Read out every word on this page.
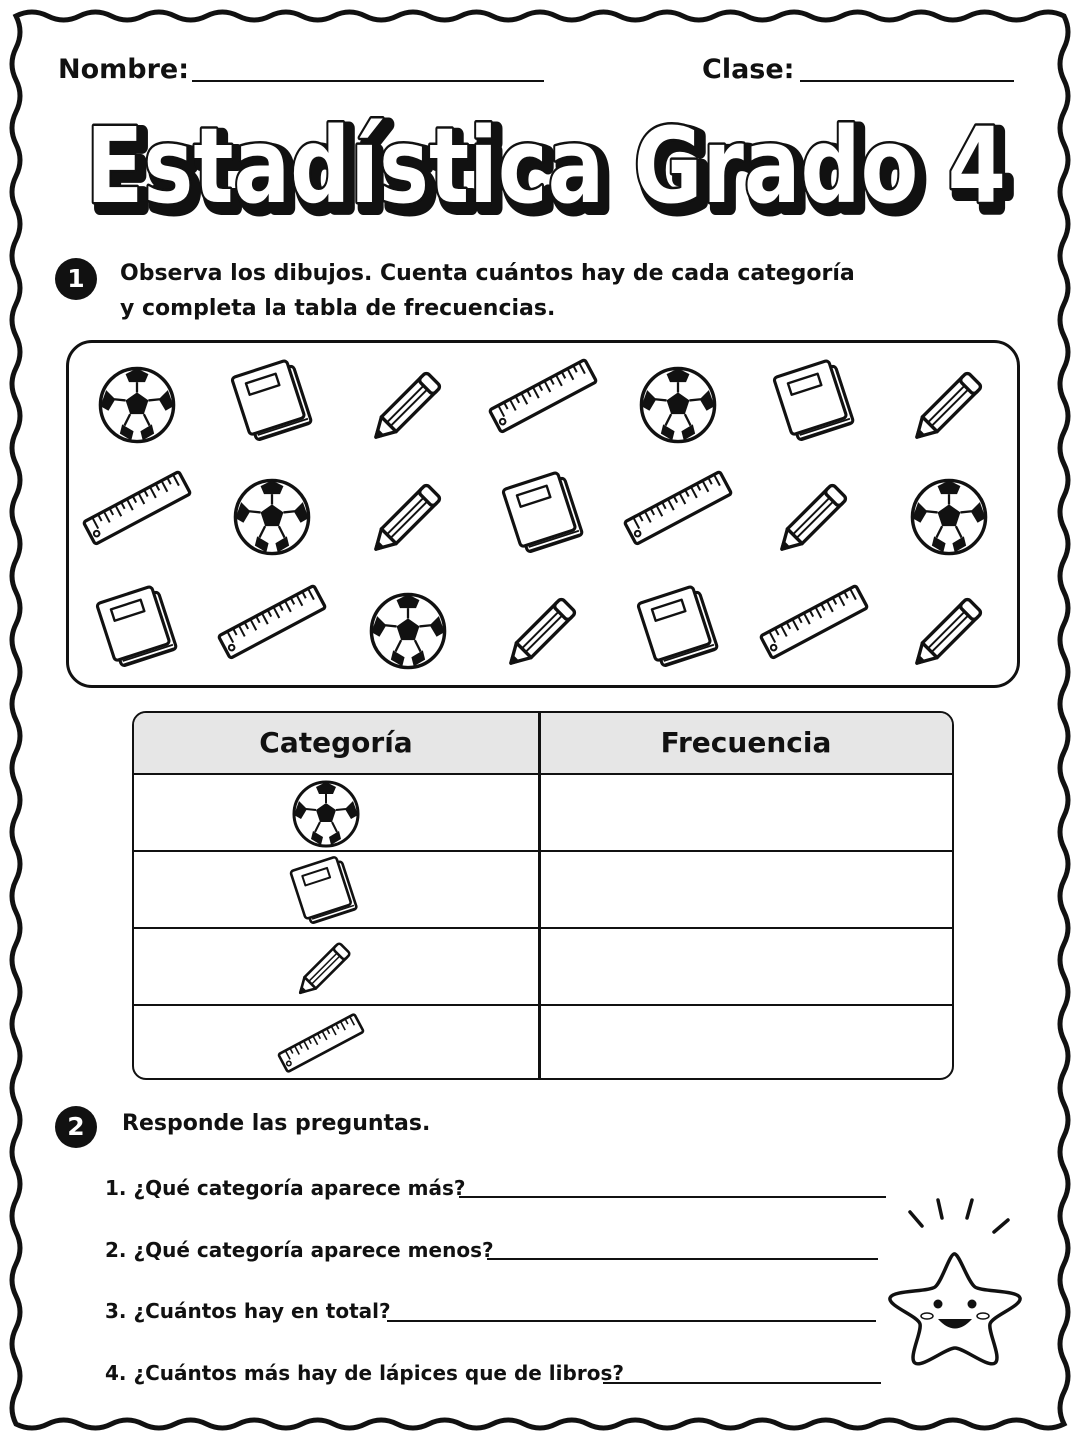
Nombre:	Clase:
Estadística Grado 4
Estadística Grado 4
1	Observa los dibujos. Cuenta cuántos hay de cada categoría
y completa la tabla de frecuencias.
Categoría	Frecuencia
2	Responde las preguntas.
1. ¿Qué categoría aparece más?
2. ¿Qué categoría aparece menos?
3. ¿Cuántos hay en total?
4. ¿Cuántos más hay de lápices que de libros?
